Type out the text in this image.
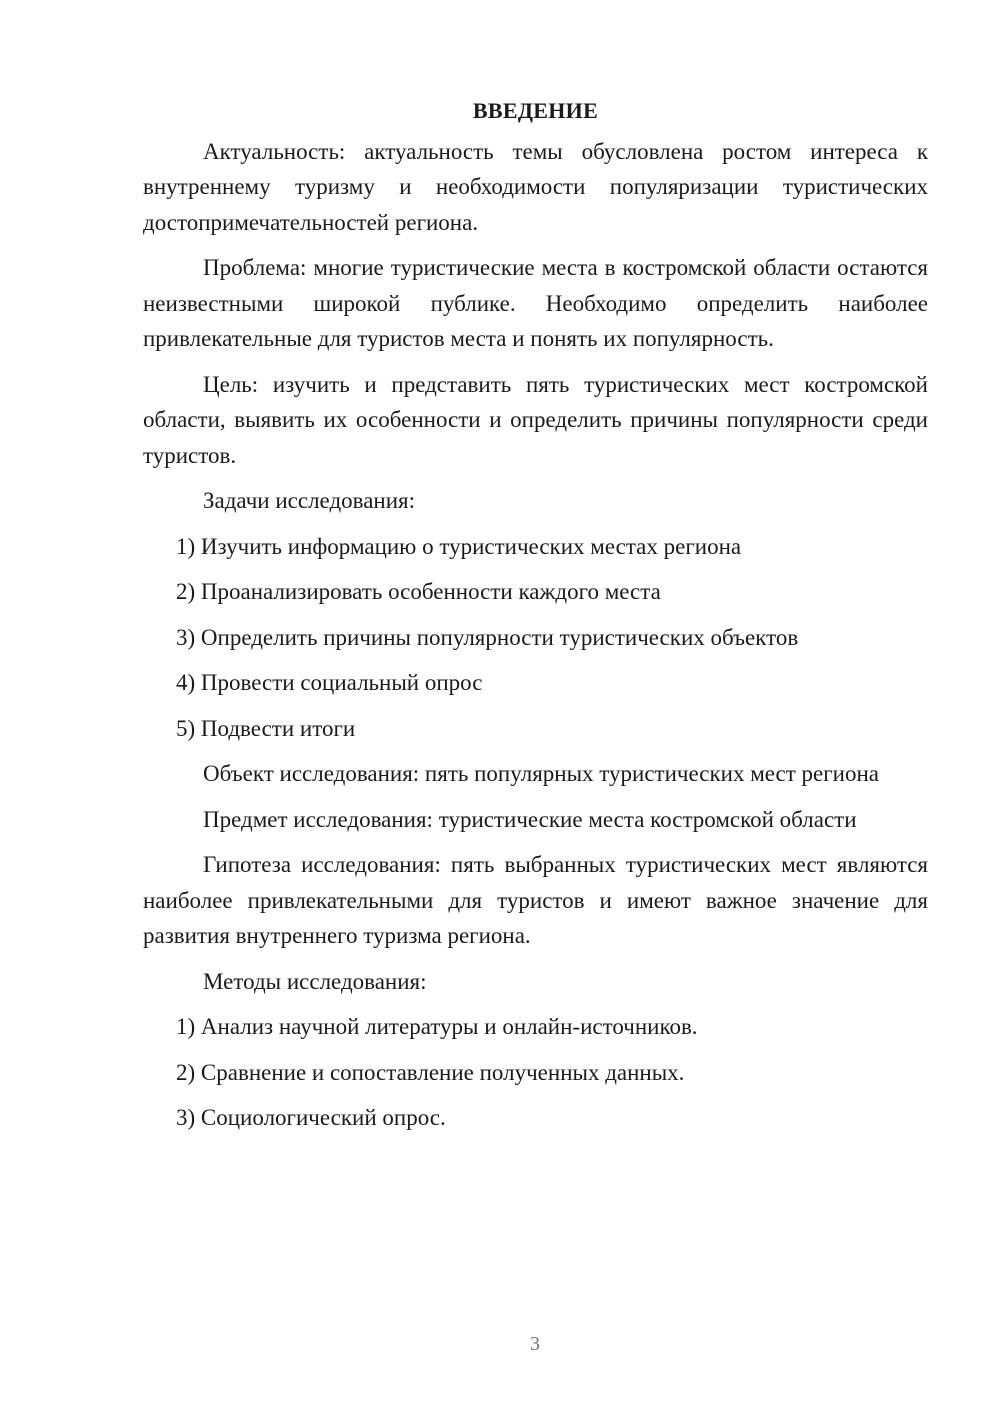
ВВЕДЕНИЕ

Актуальность: актуальность темы обусловлена ростом интереса к внутреннему туризму и необходимости популяризации туристических достопримечательностей региона.

Проблема: многие туристические места в костромской области остаются неизвестными широкой публике. Необходимо определить наиболее привлекательные для туристов места и понять их популярность.

Цель: изучить и представить пять туристических мест костромской области, выявить их особенности и определить причины популярности среди туристов.

Задачи исследования:

1) Изучить информацию о туристических местах региона
2) Проанализировать особенности каждого места
3) Определить причины популярности туристических объектов
4) Провести социальный опрос
5) Подвести итоги

Объект исследования: пять популярных туристических мест региона

Предмет исследования: туристические места костромской области

Гипотеза исследования: пять выбранных туристических мест являются наиболее привлекательными для туристов и имеют важное значение для развития внутреннего туризма региона.

Методы исследования:

1) Анализ научной литературы и онлайн-источников.
2) Сравнение и сопоставление полученных данных.
3) Социологический опрос.
3
